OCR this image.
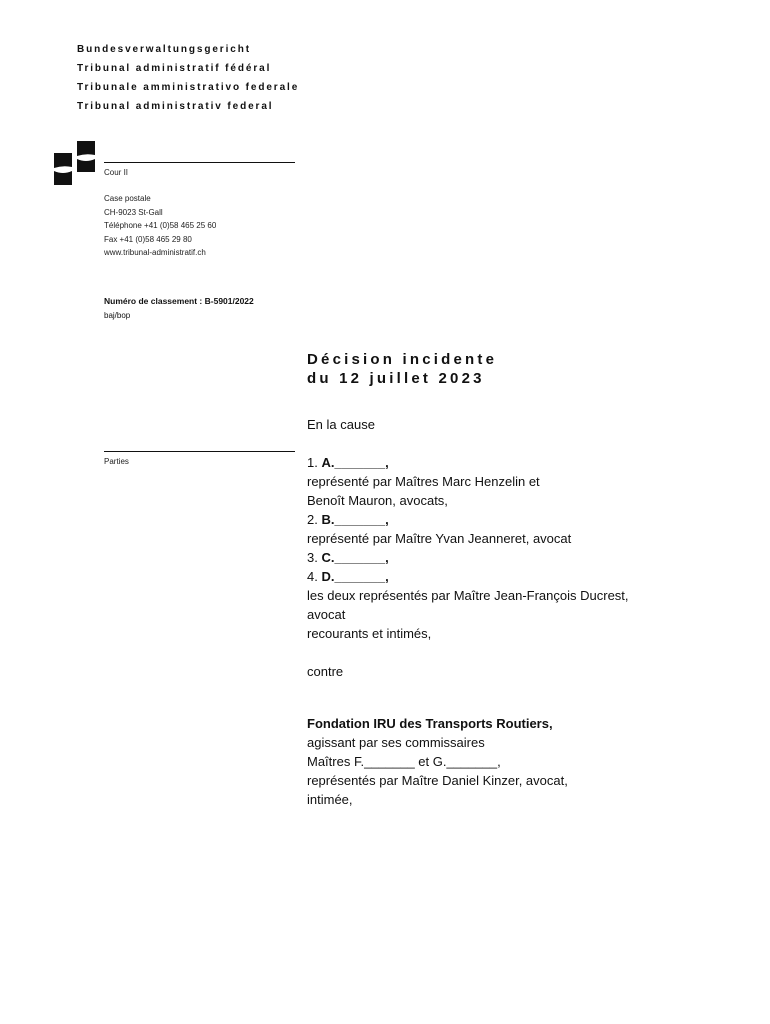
Bundesverwaltungsgericht
Tribunal administratif fédéral
Tribunale amministrativo federale
Tribunal administrativ federal
Cour II
Case postale
CH-9023 St-Gall
Téléphone +41 (0)58 465 25 60
Fax +41 (0)58 465 29 80
www.tribunal-administratif.ch
Numéro de classement : B-5901/2022
baj/bop
Décision incidente
du 12 juillet 2023
En la cause
Parties	1. A._______,
représenté par Maîtres Marc Henzelin et
Benoît Mauron, avocats,
2. B._______,
représenté par Maître Yvan Jeanneret, avocat
3. C._______,
4. D._______,
les deux représentés par Maître Jean-François Ducrest,
avocat
recourants et intimés,
contre
Fondation IRU des Transports Routiers,
agissant par ses commissaires
Maîtres F._______ et G._______,
représentés par Maître Daniel Kinzer, avocat,
intimée,
